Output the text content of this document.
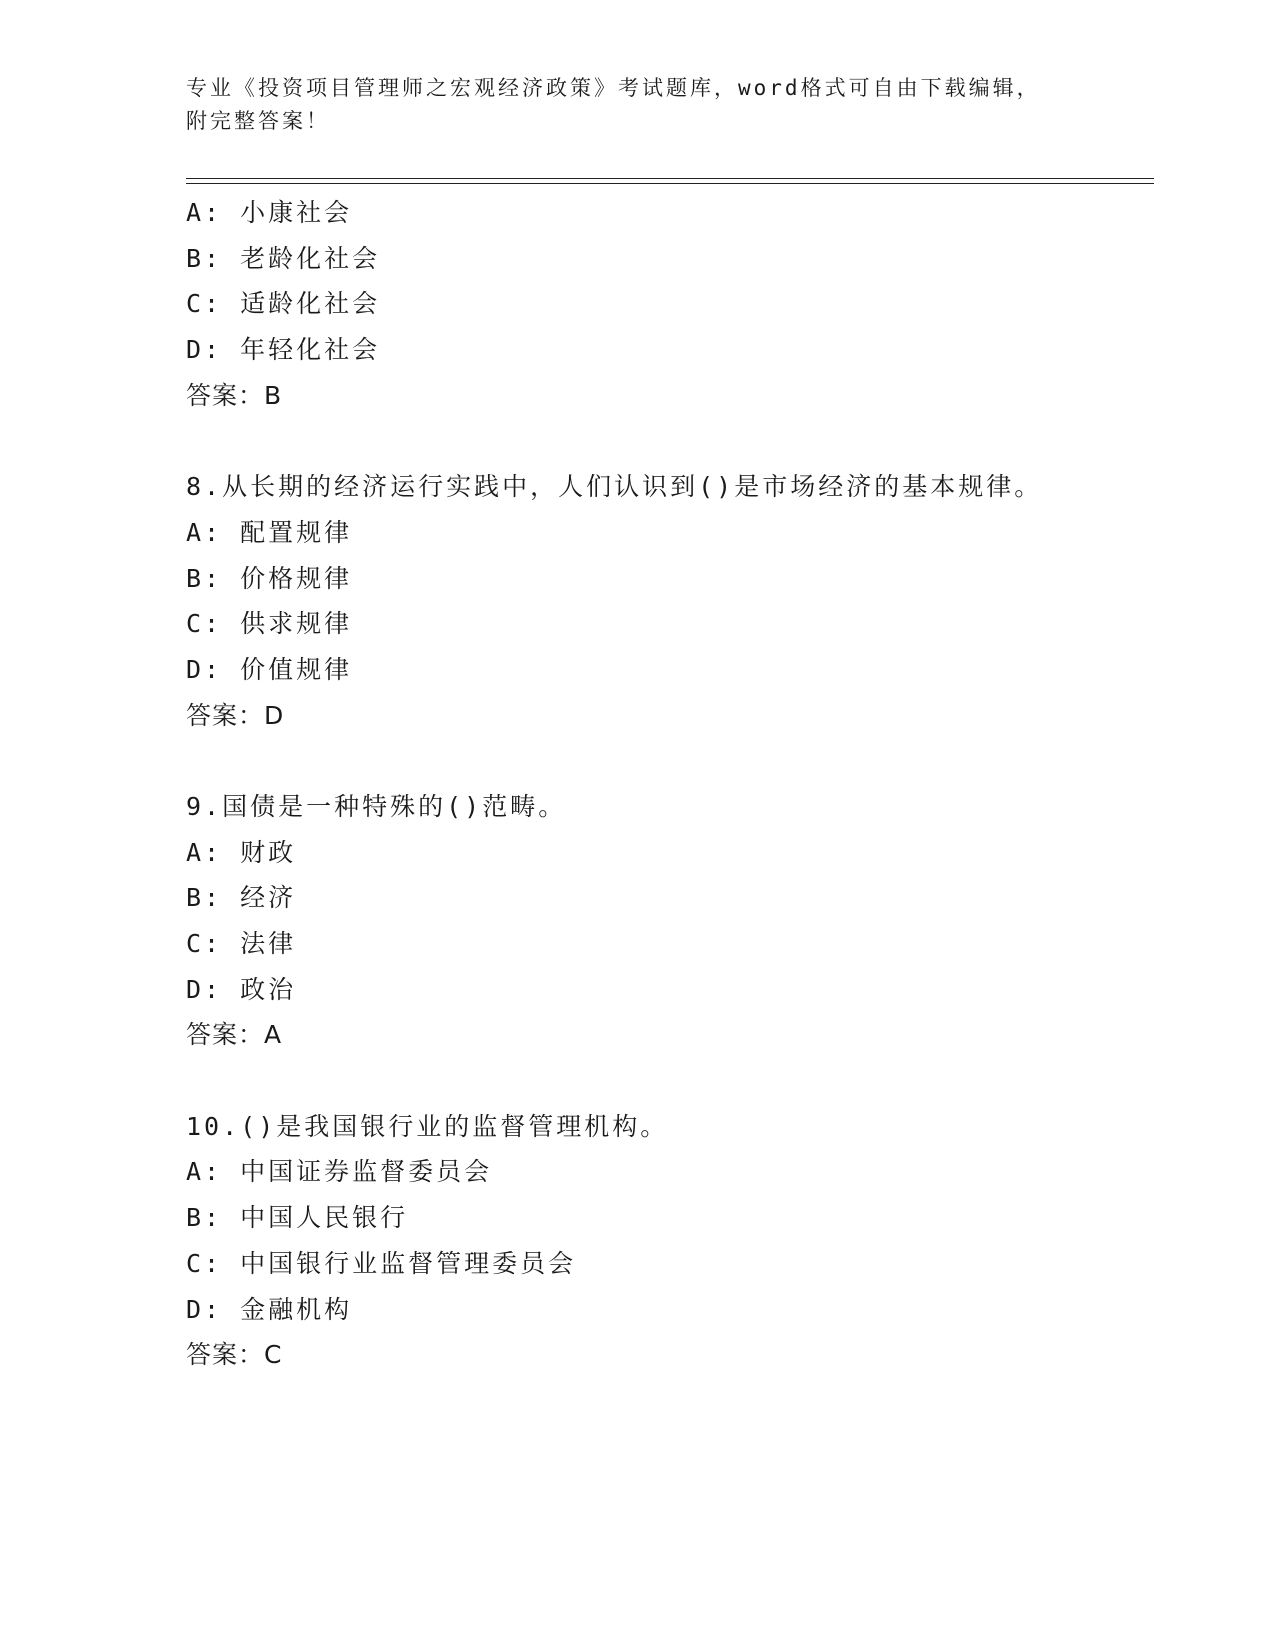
专业《投资项目管理师之宏观经济政策》考试题库，word格式可自由下载编辑，
附完整答案！
A: 小康社会
B: 老龄化社会
C: 适龄化社会
D: 年轻化社会
答案：B
8.从长期的经济运行实践中，人们认识到()是市场经济的基本规律。
A: 配置规律
B: 价格规律
C: 供求规律
D: 价值规律
答案：D
9.国债是一种特殊的()范畴。
A: 财政
B: 经济
C: 法律
D: 政治
答案：A
10.()是我国银行业的监督管理机构。
A: 中国证券监督委员会
B: 中国人民银行
C: 中国银行业监督管理委员会
D: 金融机构
答案：C
